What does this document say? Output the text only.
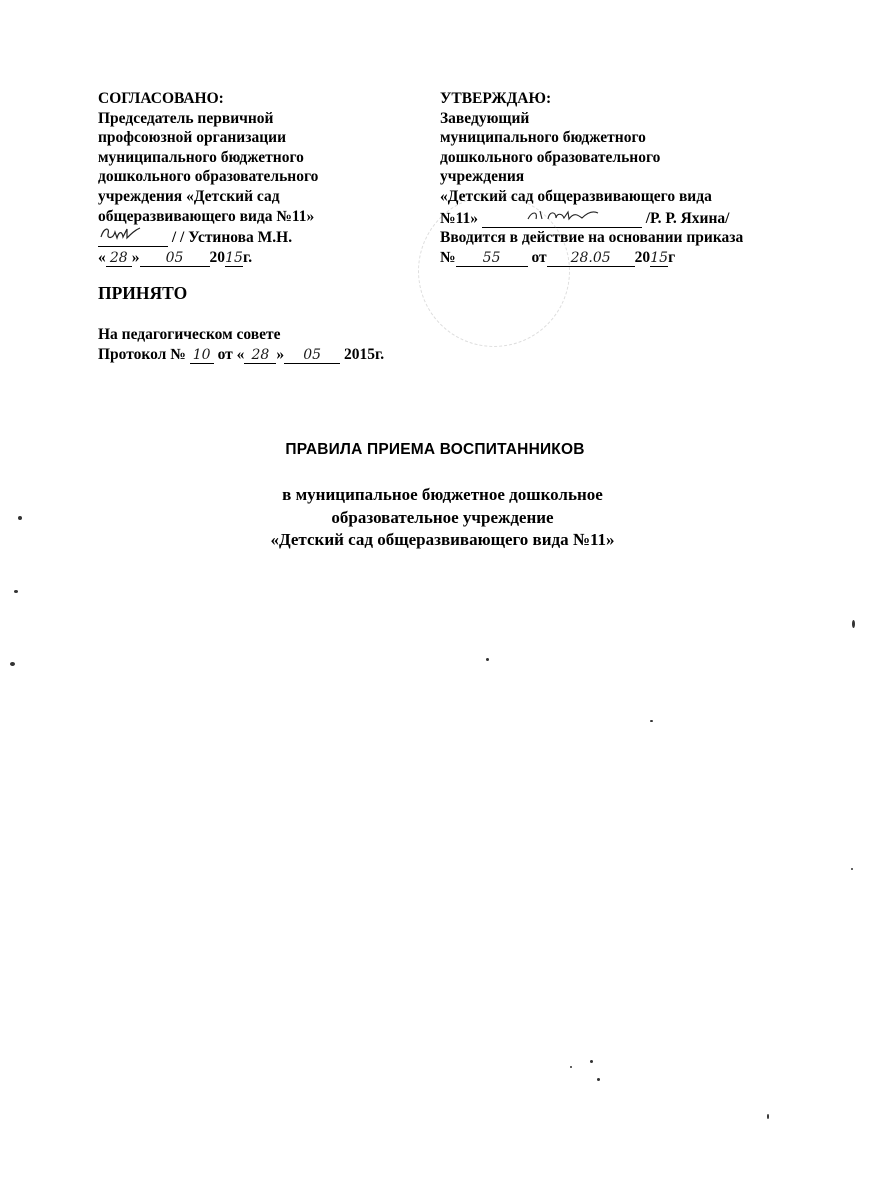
СОГЛАСОВАНО:
Председатель первичной
профсоюзной организации
муниципального бюджетного
дошкольного образовательного
учреждения «Детский сад
общеразвивающего вида №11»
/ / Устинова М.Н.
« 28 » 05 2015г.
УТВЕРЖДАЮ:
Заведующий
муниципального бюджетного
дошкольного образовательного
учреждения
«Детский сад общеразвивающего вида
№11»	/Р. Р. Яхина/
Вводится в действие на основании приказа
№ 55 от 28.05 2015г
ПРИНЯТО
На педагогическом совете
Протокол № 10 от « 28 » 05 2015г.
ПРАВИЛА ПРИЕМА ВОСПИТАННИКОВ
в муниципальное бюджетное дошкольное
образовательное учреждение
«Детский сад общеразвивающего вида №11»
